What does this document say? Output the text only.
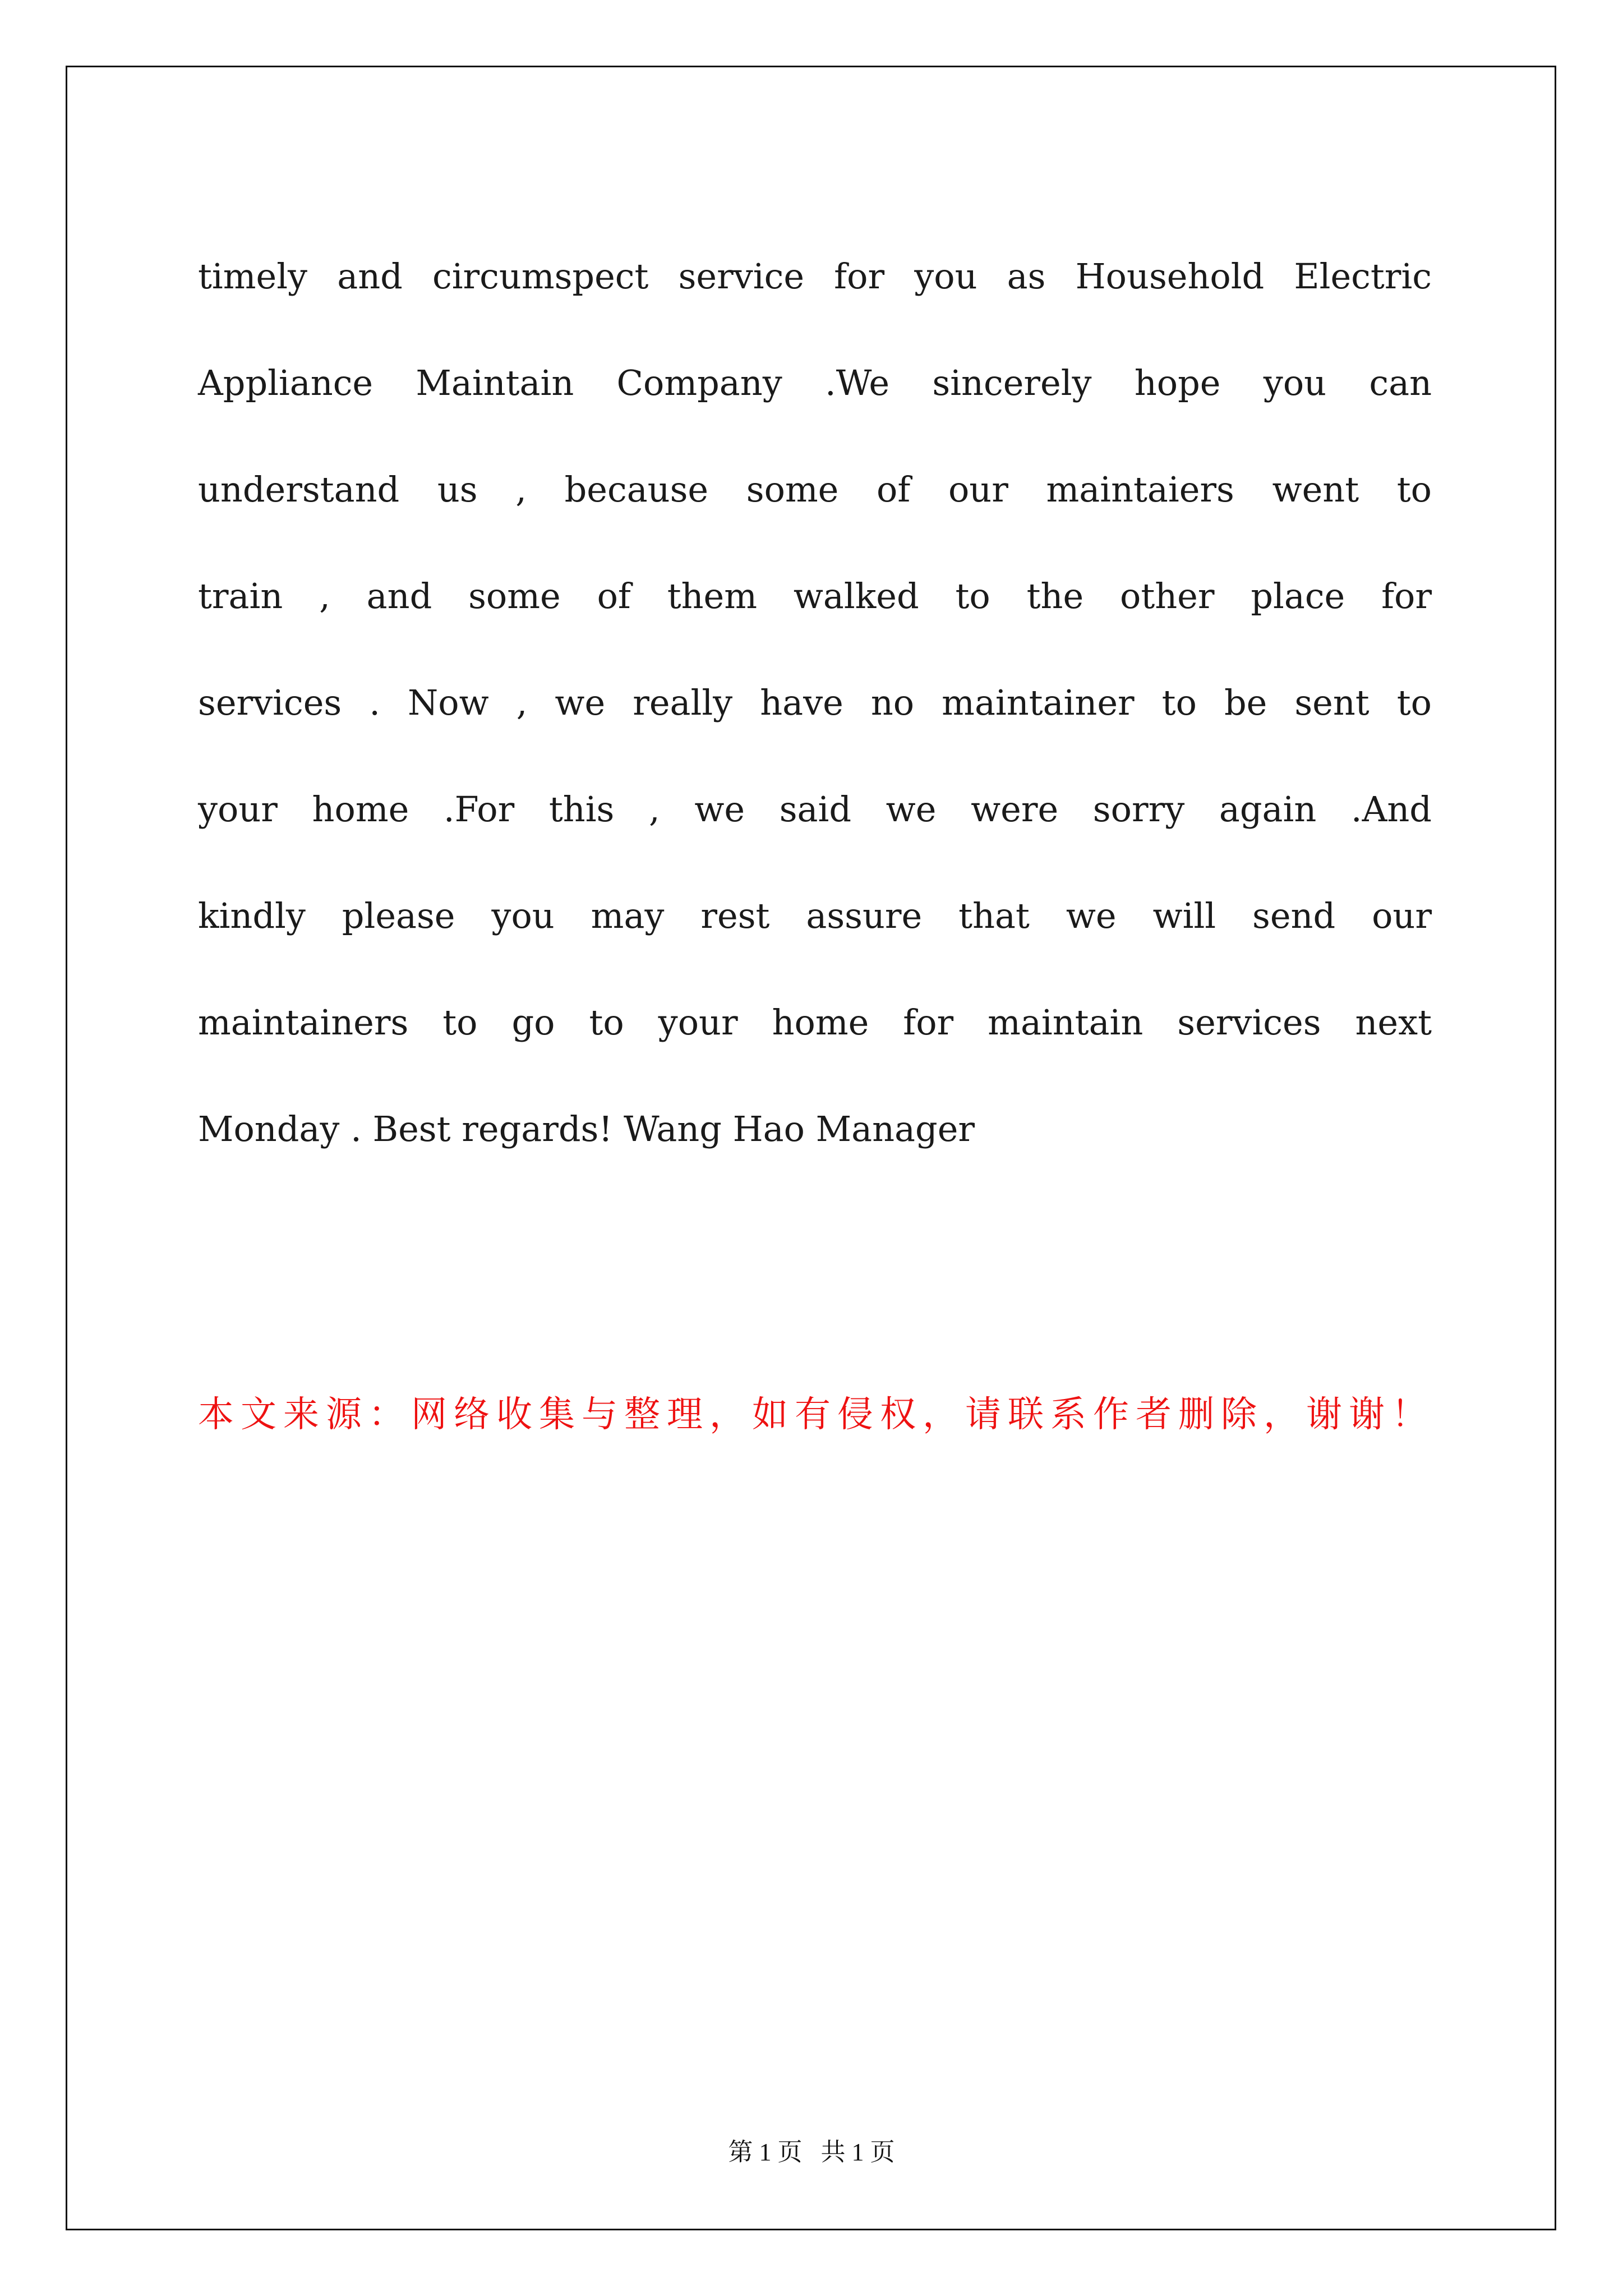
timely and circumspect service for you as Household Electric
Appliance Maintain Company .We sincerely hope you can
understand us , because some of our maintaiers went to
train , and some of them walked to the other place for
services . Now , we really have no maintainer to be sent to
your home .For this , we said we were sorry again .And
kindly please you may rest assure that we will send our
maintainers to go to your home for maintain services next
Monday . Best regards! Wang Hao Manager

本文来源：网络收集与整理，如有侵权，请联系作者删除，谢谢！

第 1 页   共 1 页
